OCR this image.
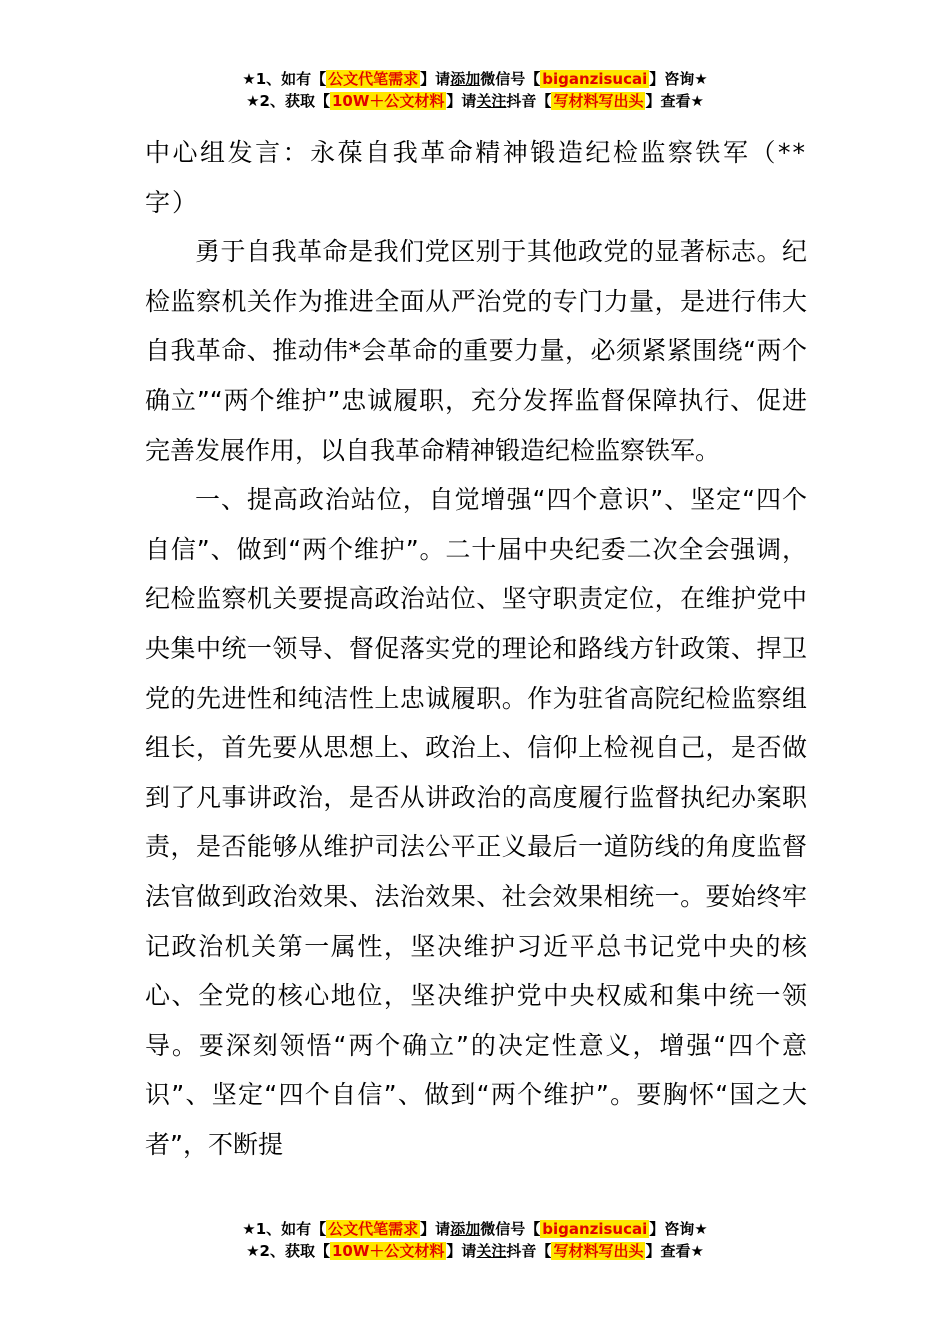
★1、如有【 公文代笔需求 】请添加微信号【 biganzisucai 】咨询★
★2、获取【 10W＋公文材料 】请关注抖音【 写材料写出头 】查看★
中心组发言：永葆自我革命精神锻造纪检监察铁军（**字）
勇于自我革命是我们党区别于其他政党的显著标志。纪检监察机关作为推进全面从严治党的专门力量，是进行伟大自我革命、推动伟*会革命的重要力量，必须紧紧围绕“两个确立”“两个维护”忠诚履职，充分发挥监督保障执行、促进完善发展作用，以自我革命精神锻造纪检监察铁军。
一、提高政治站位，自觉增强“四个意识”、坚定“四个自信”、做到“两个维护”。二十届中央纪委二次全会强调，纪检监察机关要提高政治站位、坚守职责定位，在维护党中央集中统一领导、督促落实党的理论和路线方针政策、捍卫党的先进性和纯洁性上忠诚履职。作为驻省高院纪检监察组组长，首先要从思想上、政治上、信仰上检视自己，是否做到了凡事讲政治，是否从讲政治的高度履行监督执纪办案职责，是否能够从维护司法公平正义最后一道防线的角度监督法官做到政治效果、法治效果、社会效果相统一。要始终牢记政治机关第一属性，坚决维护习近平总书记党中央的核心、全党的核心地位，坚决维护党中央权威和集中统一领导。要深刻领悟“两个确立”的决定性意义，增强“四个意识”、坚定“四个自信”、做到“两个维护”。要胸怀“国之大者”，不断提
★1、如有【 公文代笔需求 】请添加微信号【 biganzisucai 】咨询★
★2、获取【 10W＋公文材料 】请关注抖音【 写材料写出头 】查看★
